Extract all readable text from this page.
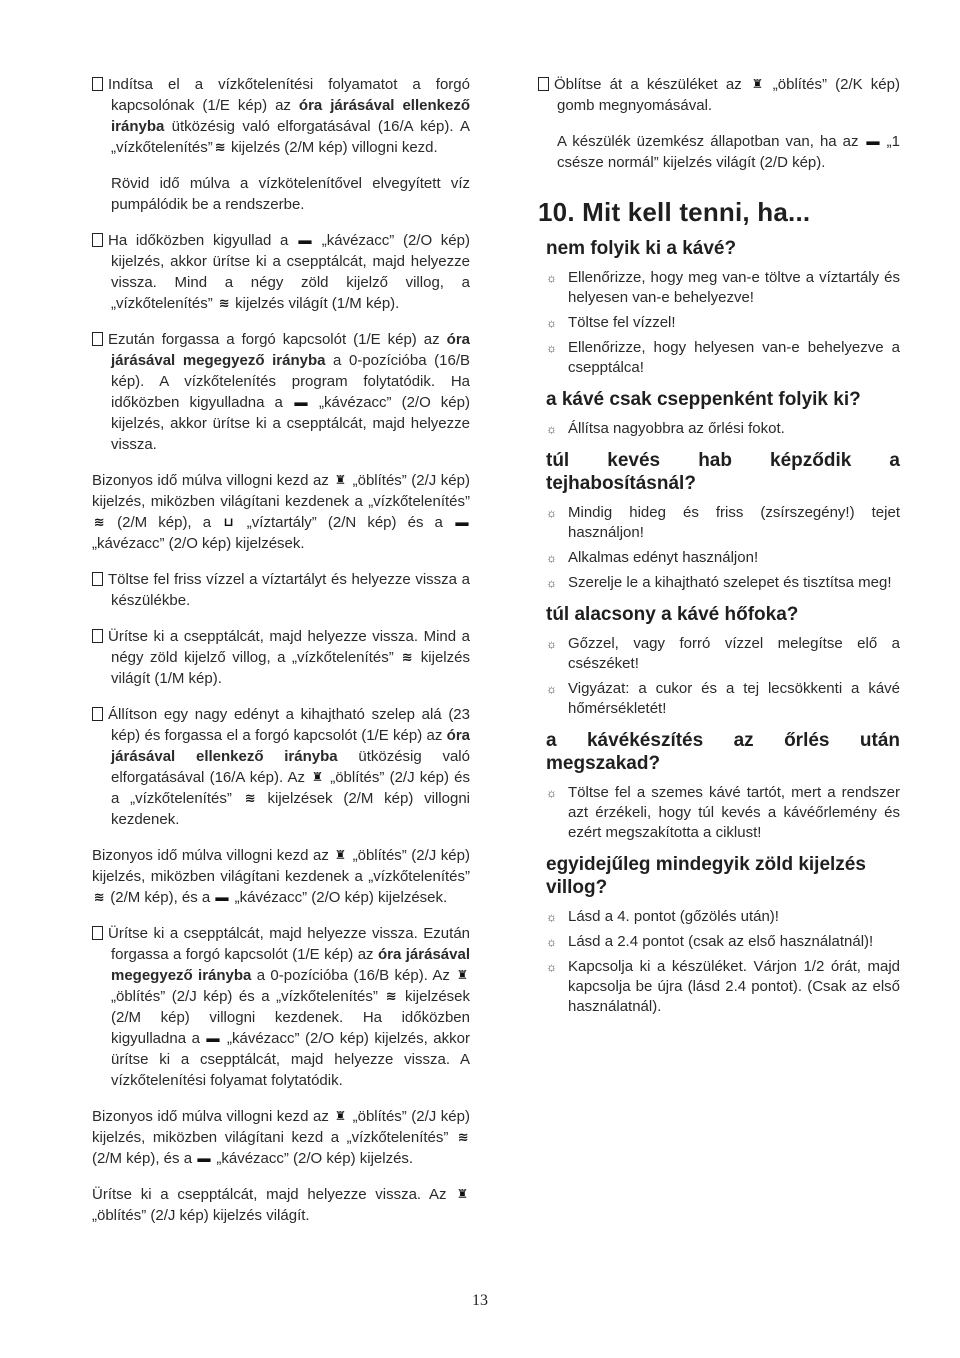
Indítsa el a vízkőtelenítési folyamatot a forgó kapcsolónak (1/E kép) az óra járásával ellenkező irányba ütközésig való elforgatásával (16/A kép). A „vízkőtelenítés”≋ kijelzés (2/M kép) villogni kezd.

Rövid idő múlva a vízkötelenítővel elvegyített víz pumpálódik be a rendszerbe.

Ha időközben kigyullad a ▬ „kávézacc” (2/O kép) kijelzés, akkor ürítse ki a csepptálcát, majd helyezze vissza. Mind a négy zöld kijelző villog, a „vízkőtelenítés” ≋ kijelzés világít (1/M kép).

Ezután forgassa a forgó kapcsolót (1/E kép) az óra járásával megegyező irányba a 0-pozícióba (16/B kép). A vízkőtelenítés program folytatódik. Ha időközben kigyulladna a ▬ „kávézacc” (2/O kép) kijelzés, akkor ürítse ki a csepptálcát, majd helyezze vissza.

Bizonyos idő múlva villogni kezd az ♜ „öblítés” (2/J kép) kijelzés, miközben világítani kezdenek a „vízkőtelenítés” ≋ (2/M kép), a ⊔ „víztartály” (2/N kép) és a ▬ „kávézacc” (2/O kép) kijelzések.

Töltse fel friss vízzel a víztartályt és helyezze vissza a készülékbe.

Ürítse ki a csepptálcát, majd helyezze vissza. Mind a négy zöld kijelző villog, a „vízkőtelenítés” ≋ kijelzés világít (1/M kép).

Állítson egy nagy edényt a kihajtható szelep alá (23 kép) és forgassa el a forgó kapcsolót (1/E kép) az óra járásával ellenkező irányba ütközésig való elforgatásával (16/A kép). Az ♜ „öblítés” (2/J kép) és a „vízkőtelenítés” ≋ kijelzések (2/M kép) villogni kezdenek.

Bizonyos idő múlva villogni kezd az ♜ „öblítés” (2/J kép) kijelzés, miközben világítani kezdenek a „vízkőtelenítés” ≋ (2/M kép), és a ▬ „kávézacc” (2/O kép) kijelzések.

Ürítse ki a csepptálcát, majd helyezze vissza. Ezután forgassa a forgó kapcsolót (1/E kép) az óra járásával megegyező irányba a 0-pozícióba (16/B kép). Az ♜ „öblítés” (2/J kép) és a „vízkőtelenítés” ≋ kijelzések (2/M kép) villogni kezdenek. Ha időközben kigyulladna a ▬ „kávézacc” (2/O kép) kijelzés, akkor ürítse ki a csepptálcát, majd helyezze vissza. A vízkőtelenítési folyamat folytatódik.

Bizonyos idő múlva villogni kezd az ♜ „öblítés” (2/J kép) kijelzés, miközben világítani kezd a „vízkőtelenítés” ≋ (2/M kép), és a ▬ „kávézacc” (2/O kép) kijelzés.

Ürítse ki a csepptálcát, majd helyezze vissza. Az ♜ „öblítés” (2/J kép) kijelzés világít.

Öblítse át a készüléket az ♜ „öblítés” (2/K kép) gomb megnyomásával.

A készülék üzemkész állapotban van, ha az ▬ „1 csésze normál” kijelzés világít (2/D kép).

10. Mit kell tenni, ha...
nem folyik ki a kávé?
☼ Ellenőrizze, hogy meg van-e töltve a víztartály és helyesen van-e behelyezve!
☼ Töltse fel vízzel!
☼ Ellenőrizze, hogy helyesen van-e behelyezve a csepptálca!
a kávé csak cseppenként folyik ki?
☼ Állítsa nagyobbra az őrlési fokot.
túl kevés hab képződik a tejhabosításnál?
☼ Mindig hideg és friss (zsírszegény!) tejet használjon!
☼ Alkalmas edényt használjon!
☼ Szerelje le a kihajtható szelepet és tisztítsa meg!
túl alacsony a kávé hőfoka?
☼ Gőzzel, vagy forró vízzel melegítse elő a csészéket!
☼ Vigyázat: a cukor és a tej lecsökkenti a kávé hőmérsékletét!
a kávékészítés az őrlés után megszakad?
☼ Töltse fel a szemes kávé tartót, mert a rendszer azt érzékeli, hogy túl kevés a kávéőrlemény és ezért megszakította a ciklust!
egyidejűleg mindegyik zöld kijelzés villog?
☼ Lásd a 4. pontot (gőzölés után)!
☼ Lásd a 2.4 pontot (csak az első használatnál)!
☼ Kapcsolja ki a készüléket. Várjon 1/2 órát, majd kapcsolja be újra (lásd 2.4 pontot). (Csak az első használatnál).
13
